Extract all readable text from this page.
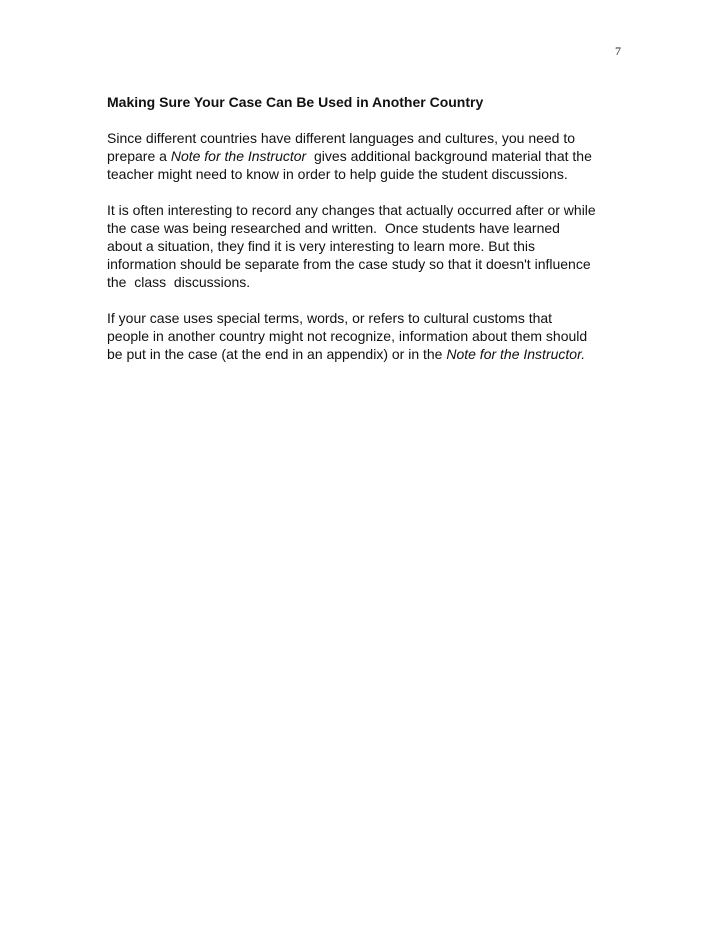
7

Making Sure Your Case Can Be Used in Another Country

Since different countries have different languages and cultures, you need to
prepare a Note for the Instructor  gives additional background material that the
teacher might need to know in order to help guide the student discussions.

It is often interesting to record any changes that actually occurred after or while
the case was being researched and written.  Once students have learned
about a situation, they find it is very interesting to learn more. But this
information should be separate from the case study so that it doesn't influence
the  class  discussions.

If your case uses special terms, words, or refers to cultural customs that
people in another country might not recognize, information about them should
be put in the case (at the end in an appendix) or in the Note for the Instructor.
